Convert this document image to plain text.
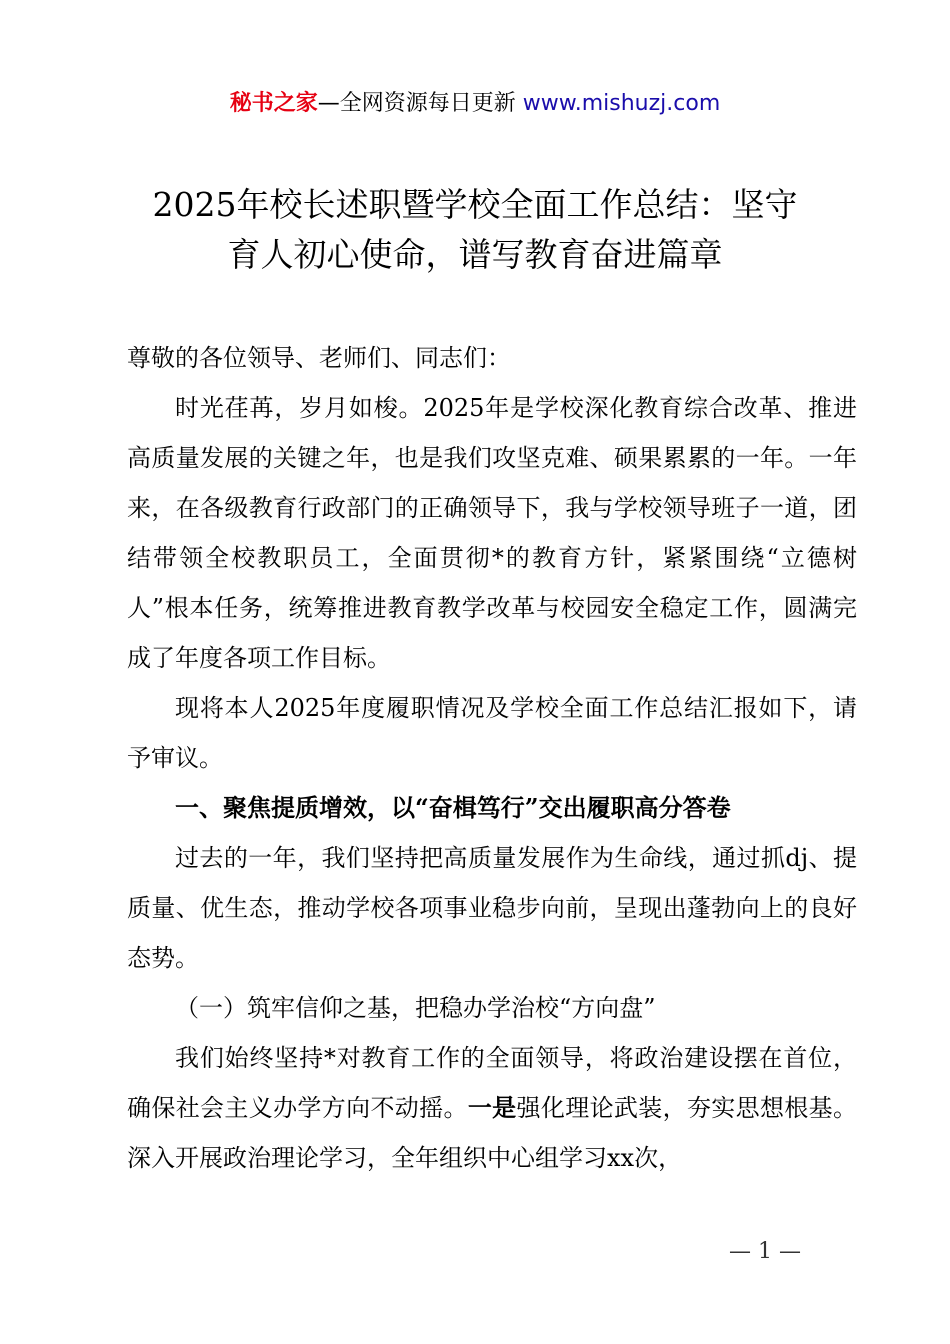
秘书之家—全网资源每日更新 www.mishuzj.com
2025年校长述职暨学校全面工作总结：坚守
育人初心使命，谱写教育奋进篇章

尊敬的各位领导、老师们、同志们：

时光荏苒，岁月如梭。2025年是学校深化教育综合改革、推进高质量发展的关键之年，也是我们攻坚克难、硕果累累的一年。一年来，在各级教育行政部门的正确领导下，我与学校领导班子一道，团结带领全校教职员工，全面贯彻*的教育方针，紧紧围绕“立德树人”根本任务，统筹推进教育教学改革与校园安全稳定工作，圆满完成了年度各项工作目标。

现将本人2025年度履职情况及学校全面工作总结汇报如下，请予审议。

一、聚焦提质增效，以“奋楫笃行”交出履职高分答卷

过去的一年，我们坚持把高质量发展作为生命线，通过抓dj、提质量、优生态，推动学校各项事业稳步向前，呈现出蓬勃向上的良好态势。

（一）筑牢信仰之基，把稳办学治校“方向盘”

我们始终坚持*对教育工作的全面领导，将政治建设摆在首位，确保社会主义办学方向不动摇。一是强化理论武装，夯实思想根基。深入开展政治理论学习，全年组织中心组学习xx次，

— 1 —
